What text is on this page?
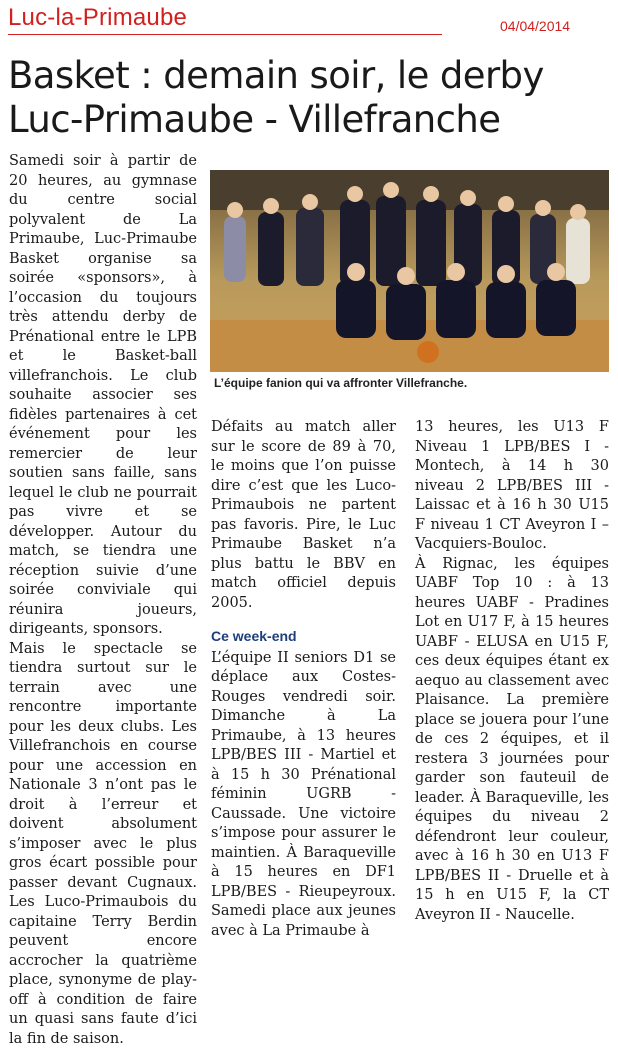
Luc-la-Primaube	04/04/2014
Basket : demain soir, le derby Luc-Primaube - Villefranche
L’équipe fanion qui va affronter Villefranche.

Samedi soir à partir de 20 heures, au gymnase du centre social polyvalent de La Primaube, Luc-Primaube Basket organise sa soirée «sponsors», à l’occasion du toujours très attendu derby de Prénational entre le LPB et le Basket-ball villefranchois. Le club souhaite associer ses fidèles partenaires à cet événement pour les remercier de leur soutien sans faille, sans lequel le club ne pourrait pas vivre et se développer. Autour du match, se tiendra une réception suivie d’une soirée conviviale qui réunira joueurs, dirigeants, sponsors.

Mais le spectacle se tiendra surtout sur le terrain avec une rencontre importante pour les deux clubs. Les Villefranchois en course pour une accession en Nationale 3 n’ont pas le droit à l’erreur et doivent absolument s’imposer avec le plus gros écart possible pour passer devant Cugnaux. Les Luco-Primaubois du capitaine Terry Berdin peuvent encore accrocher la quatrième place, synonyme de play-off à condition de faire un quasi sans faute d’ici la fin de saison.

Défaits au match aller sur le score de 89 à 70, le moins que l’on puisse dire c’est que les Luco-Primaubois ne partent pas favoris. Pire, le Luc Primaube Basket n’a plus battu le BBV en match officiel depuis 2005.

Ce week-end

L’équipe II seniors D1 se déplace aux Costes-Rouges vendredi soir. Dimanche à La Primaube, à 13 heures LPB/BES III - Martiel et à 15 h 30 Prénational féminin UGRB - Caussade. Une victoire s’impose pour assurer le maintien. À Baraqueville à 15 heures en DF1 LPB/BES - Rieupeyroux. Samedi place aux jeunes avec à La Primaube à

13 heures, les U13 F Niveau 1 LPB/BES I - Montech, à 14 h 30 niveau 2 LPB/BES III - Laissac et à 16 h 30 U15 F niveau 1 CT Aveyron I – Vacquiers-Bouloc.

À Rignac, les équipes UABF Top 10 : à 13 heures UABF - Pradines Lot en U17 F, à 15 heures UABF - ELUSA en U15 F, ces deux équipes étant ex aequo au classement avec Plaisance. La première place se jouera pour l’une de ces 2 équipes, et il restera 3 journées pour garder son fauteuil de leader. À Baraqueville, les équipes du niveau 2 défendront leur couleur, avec à 16 h 30 en U13 F LPB/BES II - Druelle et à 15 h en U15 F, la CT Aveyron II - Naucelle.
